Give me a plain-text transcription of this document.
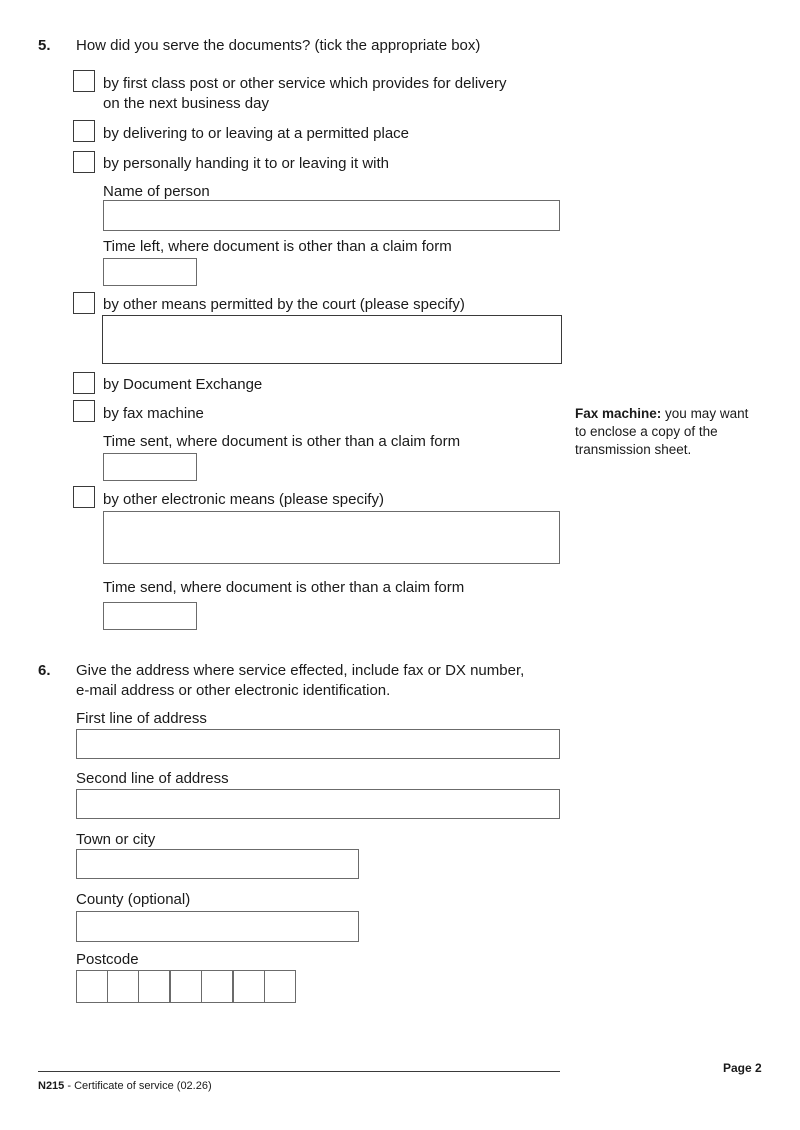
5. How did you serve the documents? (tick the appropriate box)
by first class post or other service which provides for delivery
on the next business day
by delivering to or leaving at a permitted place
by personally handing it to or leaving it with
Name of person
Time left, where document is other than a claim form
by other means permitted by the court (please specify)
by Document Exchange
by fax machine
Time sent, where document is other than a claim form
Fax machine: you may want
to enclose a copy of the
transmission sheet.
by other electronic means (please specify)
Time send, where document is other than a claim form
6. Give the address where service effected, include fax or DX number,
e-mail address or other electronic identification.
First line of address
Second line of address
Town or city
County (optional)
Postcode
Page 2
N215 - Certificate of service (02.26)
